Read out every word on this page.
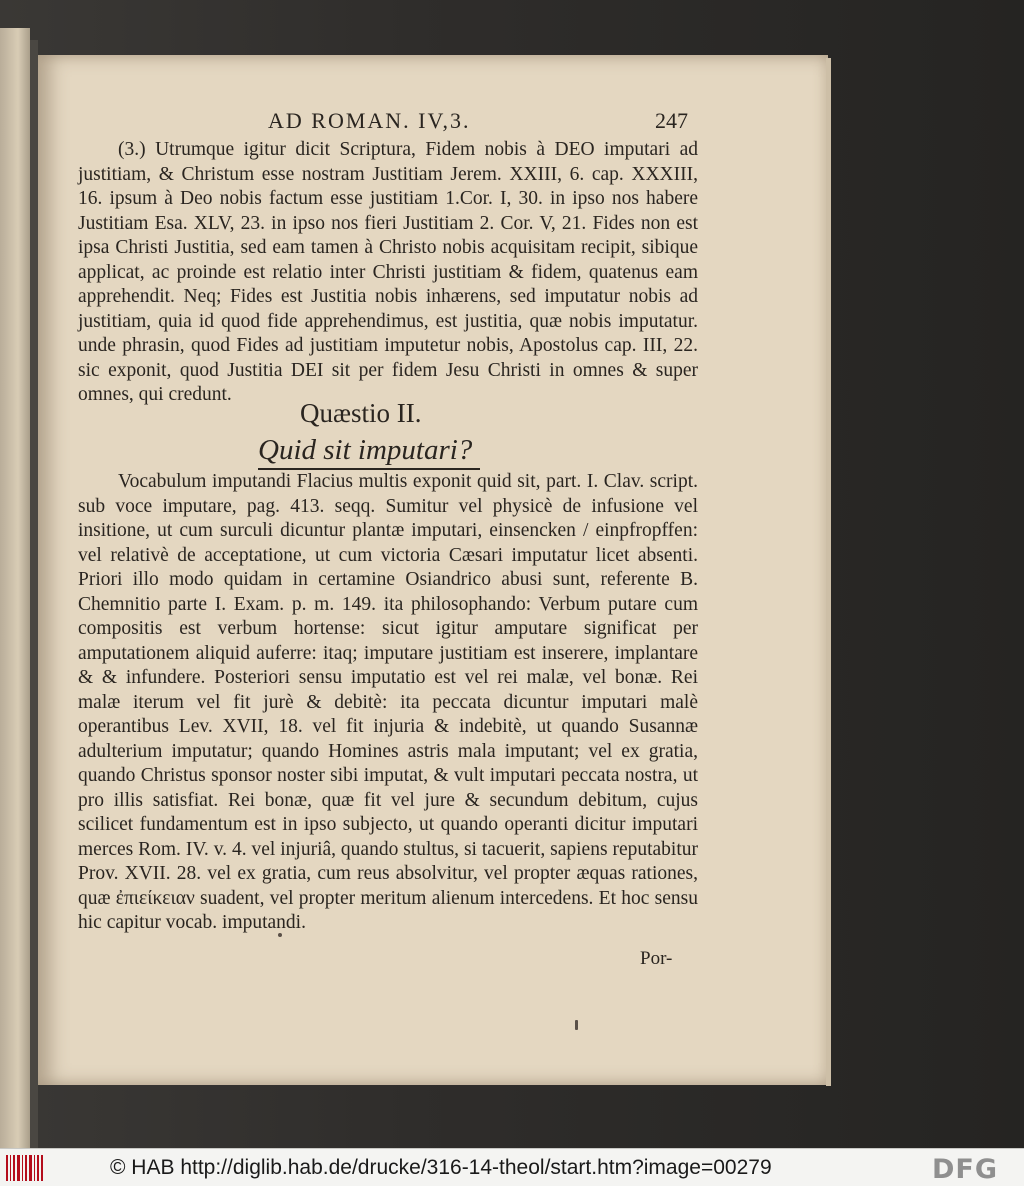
AD ROMAN. IV,3.	247
(3.) Utrumque igitur dicit Scriptura, Fidem nobis à DEO imputari ad justitiam, & Christum esse nostram Justitiam Jerem. XXIII, 6. cap. XXXIII, 16. ipsum à Deo nobis factum esse justitiam 1.Cor. I, 30. in ipso nos habere Justitiam Esa. XLV, 23. in ipso nos fieri Justitiam 2. Cor. V, 21. Fides non est ipsa Christi Justitia, sed eam tamen à Christo nobis acquisitam recipit, sibique applicat, ac proinde est relatio inter Christi justitiam & fidem, quatenus eam apprehendit. Neq; Fides est Justitia nobis inhærens, sed imputatur nobis ad justitiam, quia id quod fide apprehendimus, est justitia, quæ nobis imputatur. unde phrasin, quod Fides ad justitiam imputetur nobis, Apostolus cap. III, 22. sic exponit, quod Justitia DEI sit per fidem Jesu Christi in omnes & super omnes, qui credunt.
Quæstio II.
Quid sit imputari?
Vocabulum imputandi Flacius multis exponit quid sit, part. I. Clav. script. sub voce imputare, pag. 413. seqq. Sumitur vel physicè de infusione vel insitione, ut cum surculi dicuntur plantæ imputari, einsencken / einpfropffen: vel relativè de acceptatione, ut cum victoria Cæsari imputatur licet absenti. Priori illo modo quidam in certamine Osiandrico abusi sunt, referente B. Chemnitio parte I. Exam. p. m. 149. ita philosophando: Verbum putare cum compositis est verbum hortense: sicut igitur amputare significat per amputationem aliquid auferre: itaq; imputare justitiam est inserere, implantare & & infundere. Posteriori sensu imputatio est vel rei malæ, vel bonæ. Rei malæ iterum vel fit jurè & debitè: ita peccata dicuntur imputari malè operantibus Lev. XVII, 18. vel fit injuria & indebitè, ut quando Susannæ adulterium imputatur; quando Homines astris mala imputant; vel ex gratia, quando Christus sponsor noster sibi imputat, & vult imputari peccata nostra, ut pro illis satisfiat. Rei bonæ, quæ fit vel jure & secundum debitum, cujus scilicet fundamentum est in ipso subjecto, ut quando operanti dicitur imputari merces Rom. IV. v. 4. vel injuriâ, quando stultus, si tacuerit, sapiens reputabitur Prov. XVII. 28. vel ex gratia, cum reus absolvitur, vel propter æquas rationes, quæ ἐπιείκειαν suadent, vel propter meritum alienum intercedens. Et hoc sensu hic capitur vocab. imputandi.
Por-
© HAB http://diglib.hab.de/drucke/316-14-theol/start.htm?image=00279	DFG
